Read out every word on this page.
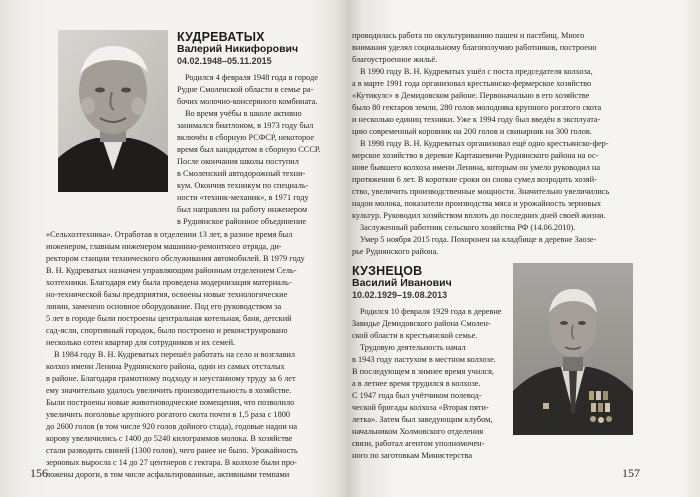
КУДРЕВАТЫХ
Валерий Никифорович
04.02.1948–05.11.2015
Родился 4 февраля 1948 года в городе
Рудне Смоленской области в семье ра-
бочих молочно-консервного комбината.
Во время учёбы в школе активно
занимался биатлоном, в 1973 году был
включён в сборную РСФСР, некоторое
время был кандидатом в сборную СССР.
После окончания школы поступил
в Смоленский автодорожный техни-
кум. Окончив техникум по специаль-
ности «техник-механик», в 1971 году
был направлен на работу инженером
в Руднянское районное объединение
«Сельхозтехника». Отработав в отделении 13 лет, в разное время был
инженером, главным инженером машинно-ремонтного отряда, ди-
ректором станции технического обслуживания автомобилей. В 1979 году
В. Н. Кудреватых назначен управляющим районным отделением Сель-
хозтехники. Благодаря ему была проведена модернизация материаль-
но-технической базы предприятия, освоены новые технологические
линии, заменено основное оборудование. Под его руководством за
5 лет в городе были построены центральная котельная, баня, детский
сад-ясли, спортивный городок, было построено и реконструировано
несколько сотен квартир для сотрудников и их семей.
В 1984 году В. Н. Кудреватых перешёл работать на село и возглавил
колхоз имени Ленина Руднянского района, один из самых отсталых
в районе. Благодаря грамотному подходу и неустанному труду за 6 лет
ему значительно удалось увеличить производительность в хозяйстве.
Были построены новые животноводческие помещения, что позволило
увеличить поголовье крупного рогатого скота почти в 1,5 раза с 1800
до 2600 голов (в том числе 920 голов дойного стада), годовые надои на
корову увеличились с 1400 до 5240 килограммов молока. В хозяйстве
стали разводить свиней (1300 голов), чего ранее не было. Урожайность
зерновых выросла с 14 до 27 центнеров с гектара. В колхозе были про-
ложены дороги, в том числе асфальтированные, активными темпами
156
проводилась работа по окультуриванию пашен и пастбищ. Много
внимания уделял социальному благополучию работников, построено
благоустроенное жильё.
В 1990 году В. Н. Кудреватых ушёл с поста председателя колхоза,
а в марте 1991 года организовал крестьянско-фермерское хозяйство
«Кутикулс» в Демидовском районе. Первоначально в его хозяйстве
было 80 гектаров земли, 280 голов молодняка крупного рогатого скота
и несколько единиц техники. Уже к 1994 году был введён в эксплуата-
цию современный коровник на 200 голов и свинарник на 300 голов.
В 1998 году В. Н. Кудреватых организовал ещё одно крестьянско-фер-
мерское хозяйство в деревне Карташевичи Руднянского района на ос-
нове бывшего колхоза имени Ленина, которым он умело руководил на
протяжении 6 лет. В короткие сроки он снова сумел возродить хозяй-
ство, увеличить производственные мощности. Значительно увеличились
надои молока, показатели производства мяса и урожайность зерновых
культур. Руководил хозяйством вплоть до последних дней своей жизни.
Заслуженный работник сельского хозяйства РФ (14.06.2010).
Умер 5 ноября 2015 года. Похоронен на кладбище в деревне Заозе-
рье Руднянского района.
КУЗНЕЦОВ
Василий Иванович
10.02.1929–19.08.2013
Родился 10 февраля 1929 года в деревне
Завидье Демидовского района Смолен-
ской области в крестьянской семье.
Трудовую деятельность начал
в 1943 году пастухом в местном колхозе.
В последующем в зимнее время учился,
а в летнее время трудился в колхозе.
С 1947 года был учётчиком полевод-
ческой бригады колхоза «Вторая пяти-
летка». Затем был заведующим клубом,
начальником Холмовского отделения
связи, работал агентом уполномочен-
ного по заготовкам Министерства
157
